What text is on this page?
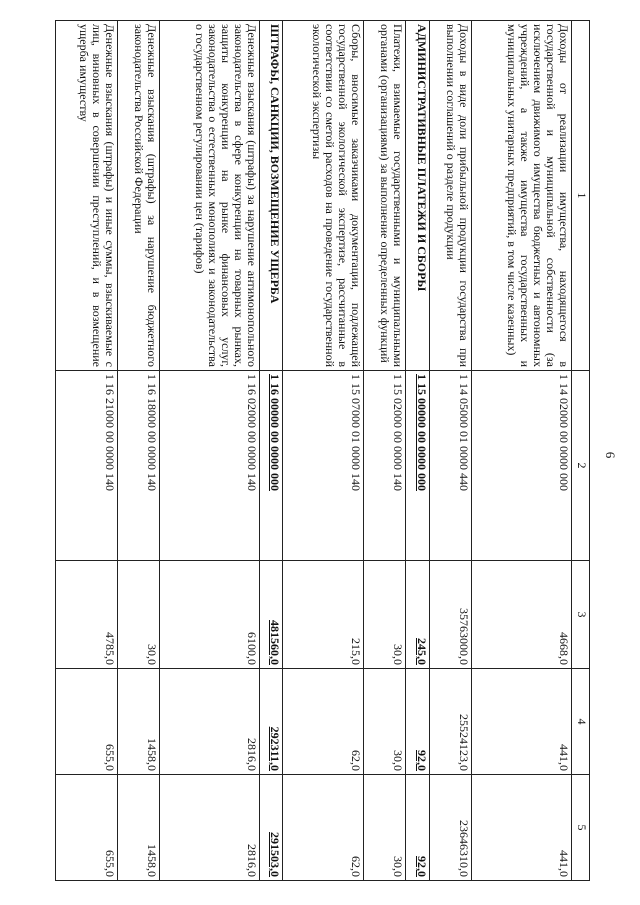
6
1	2	3	4	5
Доходы от реализации имущества, находящегося в государственной и муниципальной собственности (за исключением движимого имущества бюджетных и автономных учреждений, а также имущества государственных и муниципальных унитарных предприятий, в том числе казенных)	1 14 02000 00 0000 000	4668,0	441,0	441,0
Доходы в виде доли прибыльной продукции государства при выполнении соглашений о разделе продукции	1 14 05000 01 0000 440	35763000,0	25524123,0	23646310,0
АДМИНИСТРАТИВНЫЕ ПЛАТЕЖИ И СБОРЫ	1 15 00000 00 0000 000	245,0	92,0	92,0
Платежи, взимаемые государственными и муниципальными органами (организациями) за выполнение определенных функций	1 15 02000 00 0000 140	30,0	30,0	30,0
Сборы, вносимые заказчиками документации, подлежащей государственной экологической экспертизе, рассчитанные в соответствии со сметой расходов на проведение государственной экологической экспертизы	1 15 07000 01 0000 140	215,0	62,0	62,0
ШТРАФЫ, САНКЦИИ, ВОЗМЕЩЕНИЕ УЩЕРБА	1 16 00000 00 0000 000	481560,0	292311,0	291503,0
Денежные взыскания (штрафы) за нарушение антимонопольного законодательства в сфере конкуренции на товарных рынках, защиты конкуренции на рынке финансовых услуг, законодательства о естественных монополиях и законодательства о государственном регулировании цен (тарифов)	1 16 02000 00 0000 140	6100,0	2816,0	2816,0
Денежные взыскания (штрафы) за нарушение бюджетного законодательства Российской Федерации	1 16 18000 00 0000 140	30,0	1458,0	1458,0
Денежные взыскания (штрафы) и иные суммы, взыскиваемые с лиц, виновных в совершении преступлений, и в возмещение ущерба имуществу	1 16 21000 00 0000 140	4785,0	655,0	655,0
